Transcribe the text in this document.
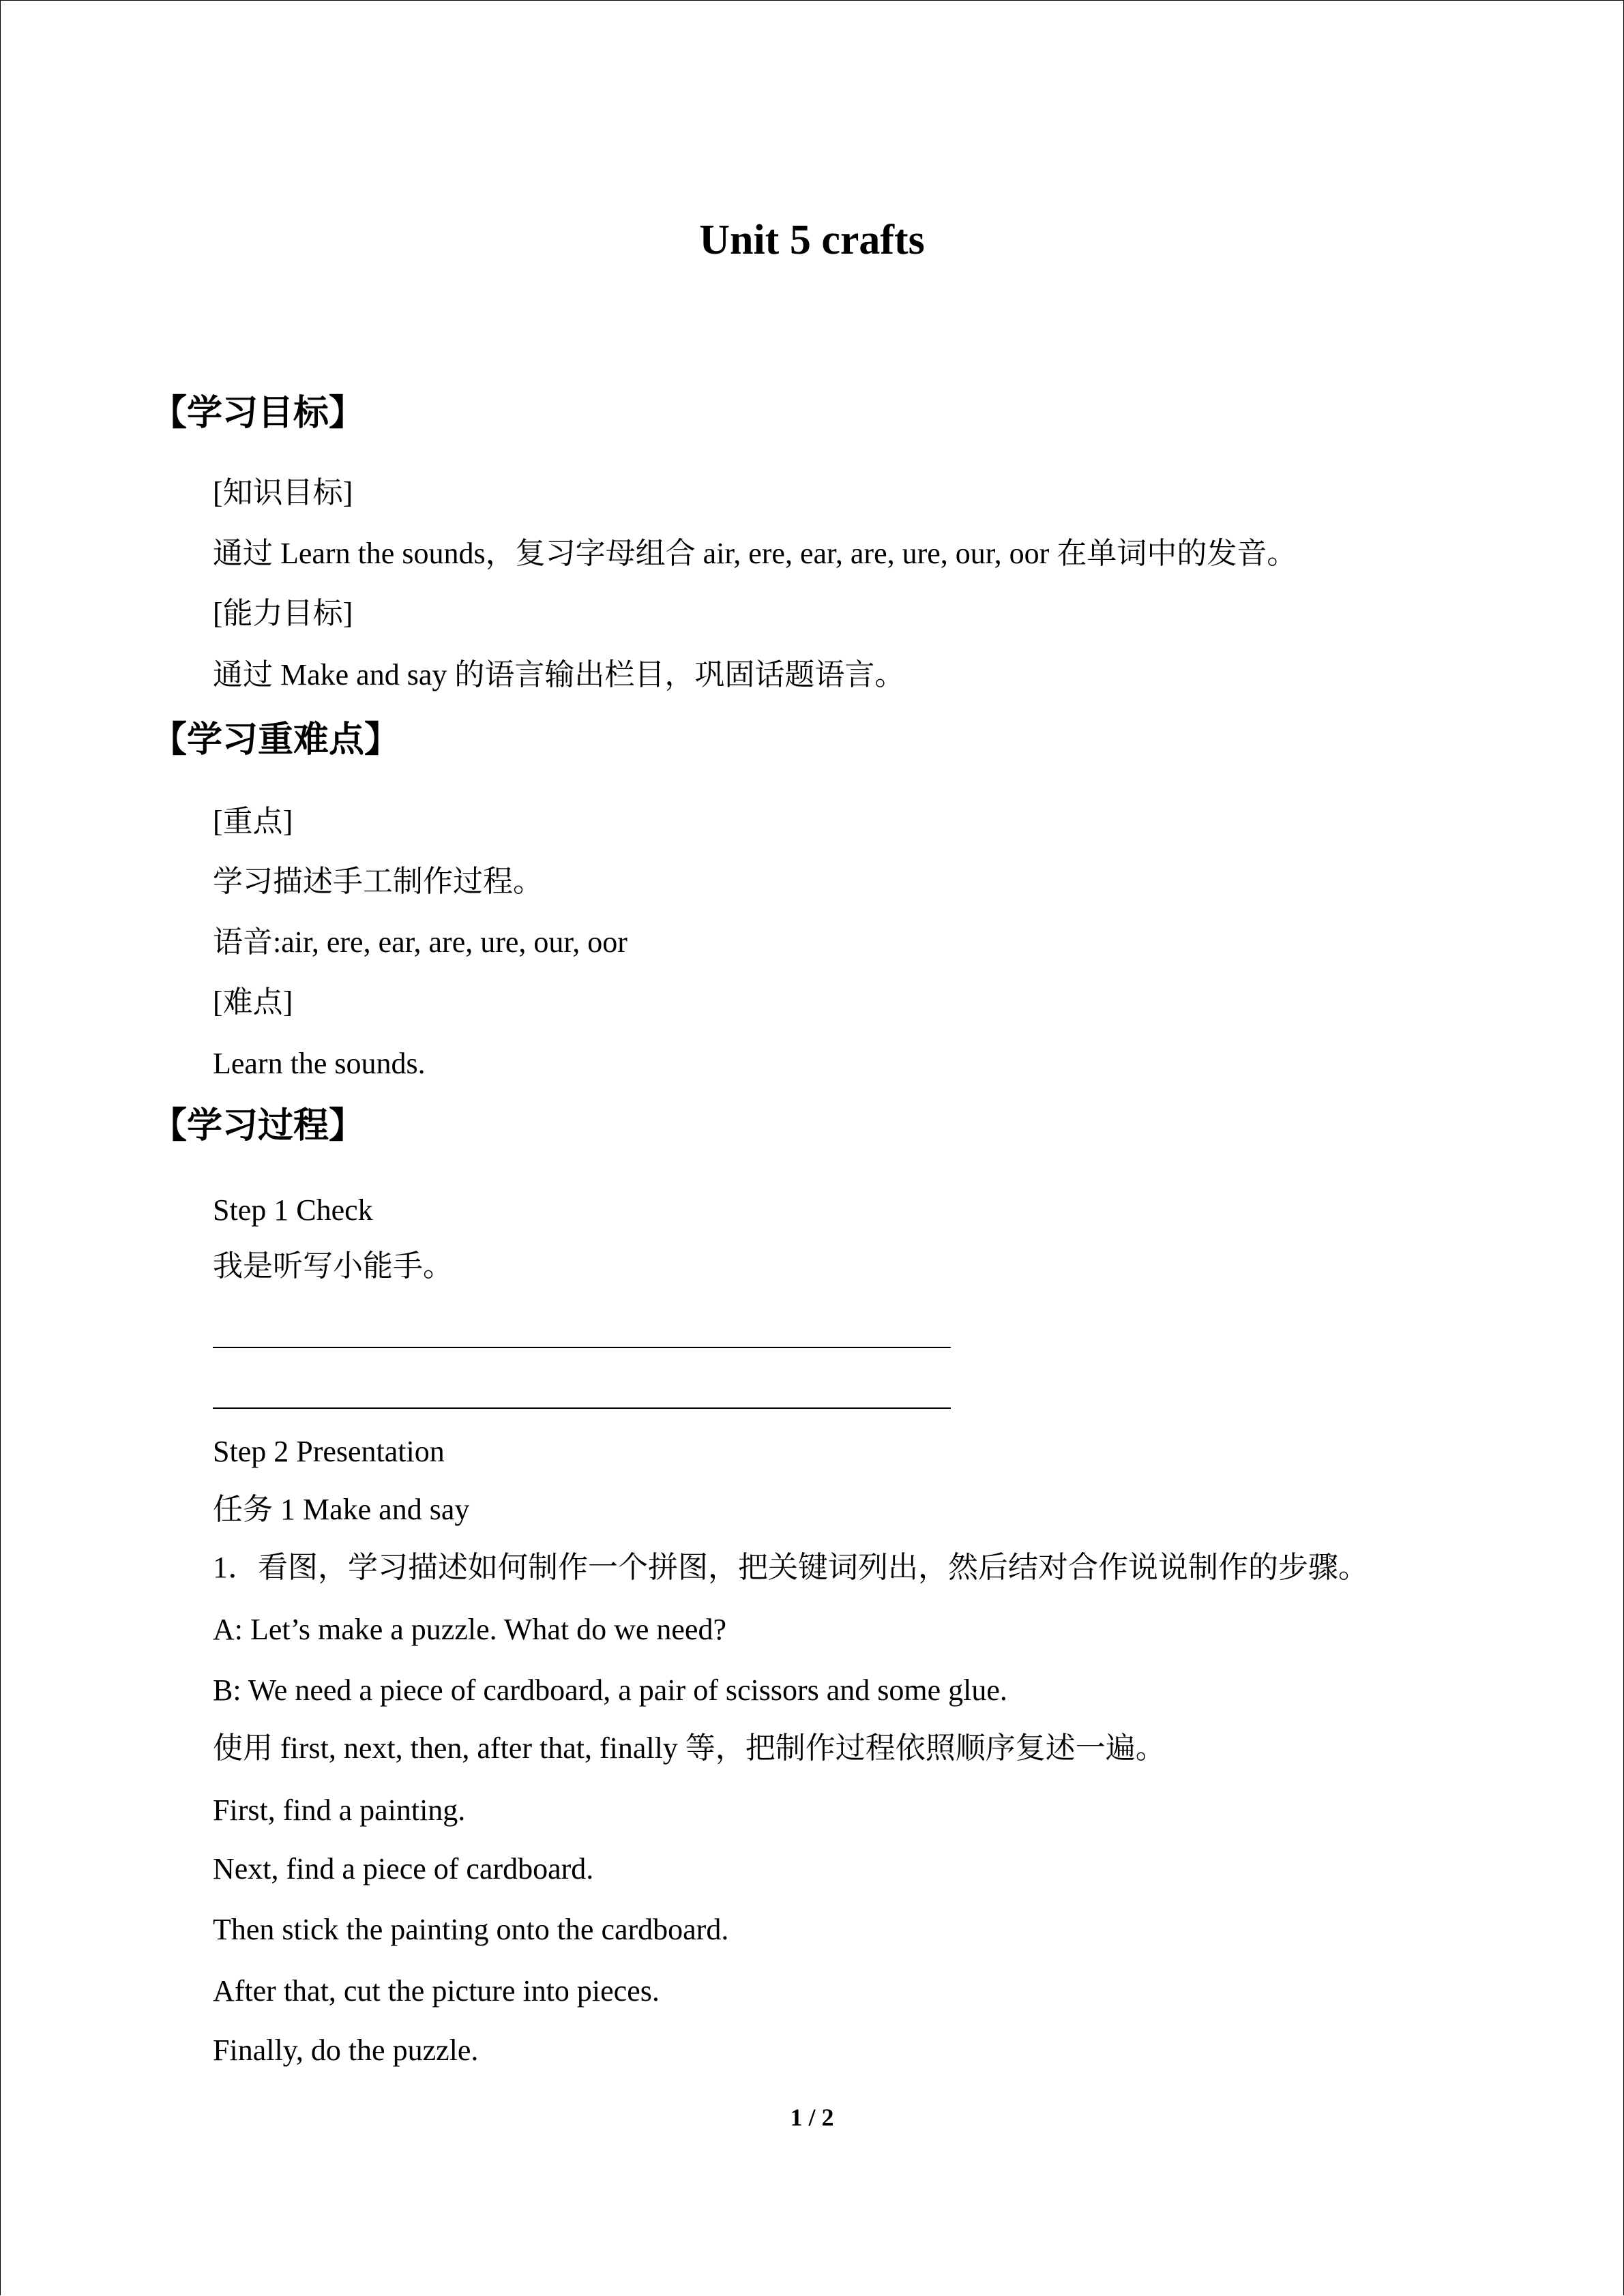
Unit 5 crafts
【学习目标】

[知识目标]

通过 Learn the sounds，复习字母组合 air, ere, ear, are, ure, our, oor 在单词中的发音。

[能力目标]

通过 Make and say 的语言输出栏目，巩固话题语言。

【学习重难点】

[重点]

学习描述手工制作过程。

语音:air, ere, ear, are, ure, our, oor

[难点]

Learn the sounds.

【学习过程】

Step 1 Check

我是听写小能手。

Step 2 Presentation

任务 1 Make and say

1．看图，学习描述如何制作一个拼图，把关键词列出，然后结对合作说说制作的步骤。

A: Let’s make a puzzle. What do we need?

B: We need a piece of cardboard, a pair of scissors and some glue.

使用 first, next, then, after that, finally 等，把制作过程依照顺序复述一遍。

First, find a painting.

Next, find a piece of cardboard.

Then stick the painting onto the cardboard.

After that, cut the picture into pieces.

Finally, do the puzzle.

1 / 2
